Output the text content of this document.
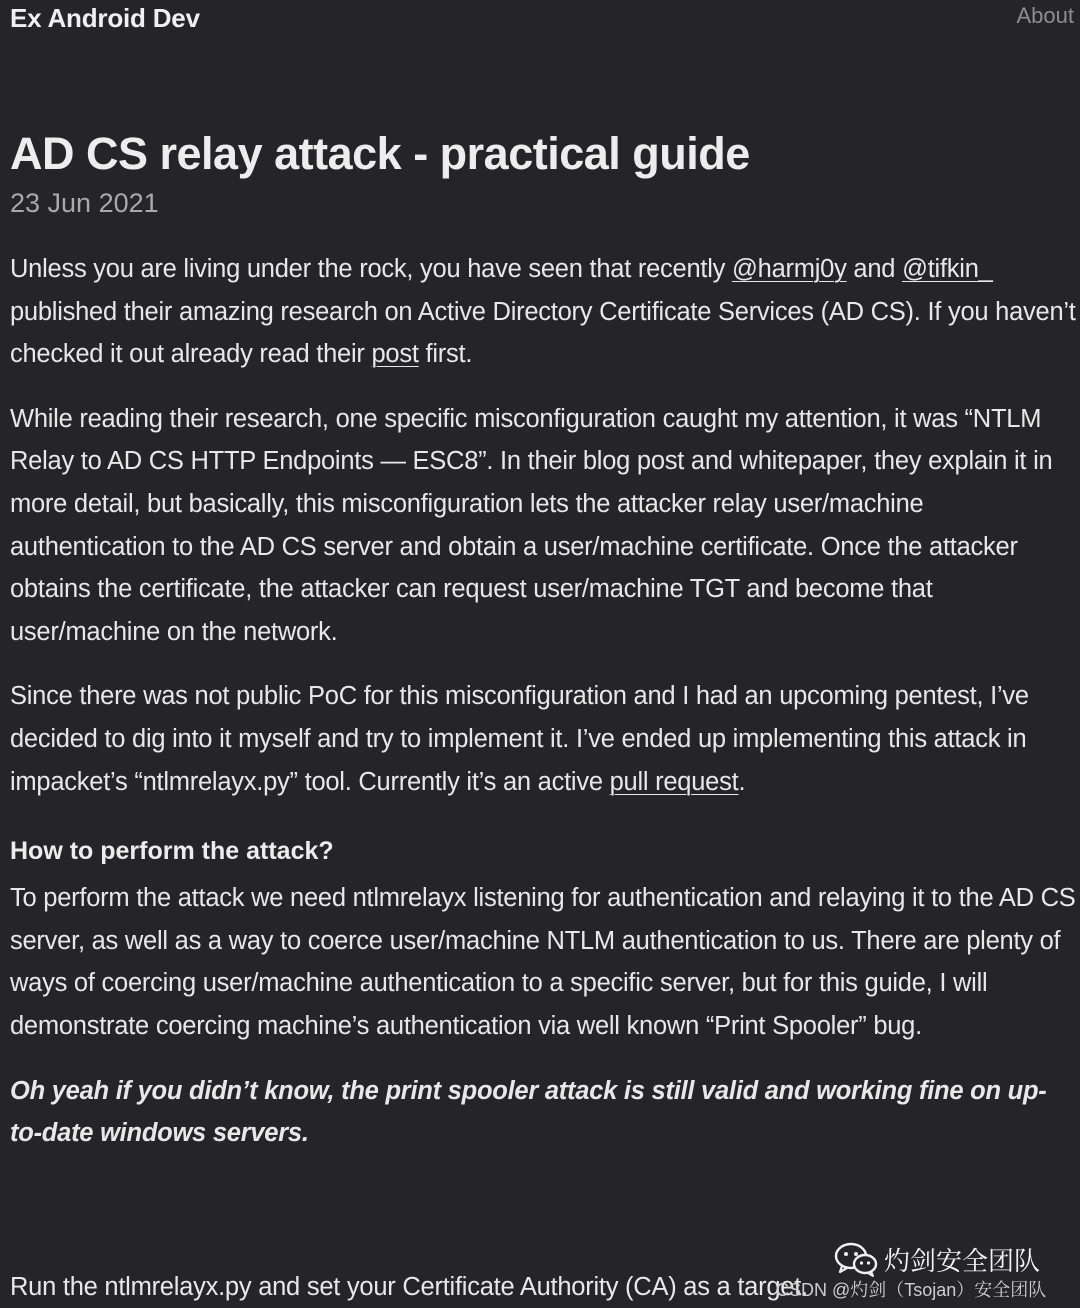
Ex Android Dev	About
AD CS relay attack - practical guide
23 Jun 2021

Unless you are living under the rock, you have seen that recently @harmj0y and @tifkin_ published their amazing research on Active Directory Certificate Services (AD CS). If you haven’t checked it out already read their post first.

While reading their research, one specific misconfiguration caught my attention, it was “NTLM Relay to AD CS HTTP Endpoints — ESC8”. In their blog post and whitepaper, they explain it in more detail, but basically, this misconfiguration lets the attacker relay user/machine authentication to the AD CS server and obtain a user/machine certificate. Once the attacker obtains the certificate, the attacker can request user/machine TGT and become that user/machine on the network.

Since there was not public PoC for this misconfiguration and I had an upcoming pentest, I’ve decided to dig into it myself and try to implement it. I’ve ended up implementing this attack in impacket’s “ntlmrelayx.py” tool. Currently it’s an active pull request.

How to perform the attack?

To perform the attack we need ntlmrelayx listening for authentication and relaying it to the AD CS server, as well as a way to coerce user/machine NTLM authentication to us. There are plenty of ways of coercing user/machine authentication to a specific server, but for this guide, I will demonstrate coercing machine’s authentication via well known “Print Spooler” bug.

Oh yeah if you didn’t know, the print spooler attack is still valid and working fine on up-to-date windows servers.

Run the ntlmrelayx.py and set your Certificate Authority (CA) as a target.
灼剑安全团队
CSDN @灼剑（Tsojan）安全团队
